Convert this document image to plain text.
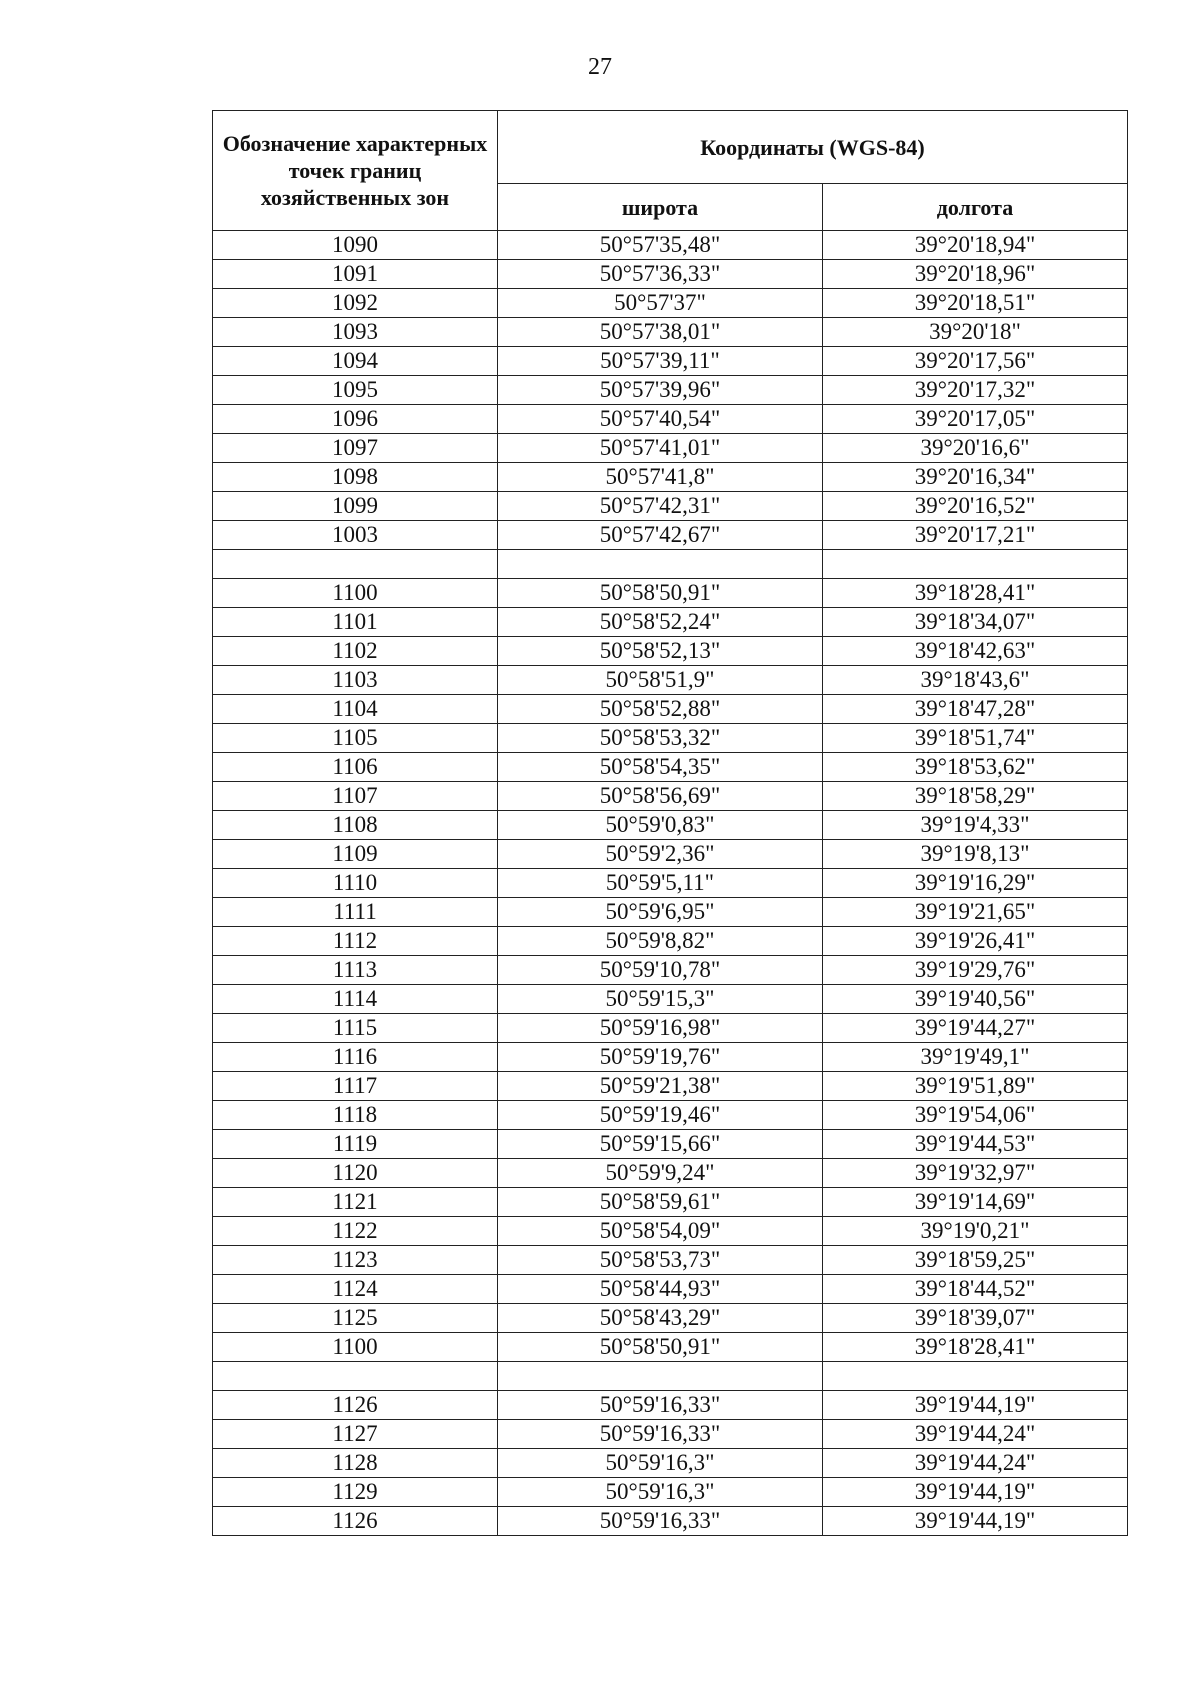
27
Обозначение характерных точек границ хозяйственных зон	Координаты (WGS-84)	
	широта	долгота
1090	50°57'35,48"	39°20'18,94"
1091	50°57'36,33"	39°20'18,96"
1092	50°57'37"	39°20'18,51"
1093	50°57'38,01"	39°20'18"
1094	50°57'39,11"	39°20'17,56"
1095	50°57'39,96"	39°20'17,32"
1096	50°57'40,54"	39°20'17,05"
1097	50°57'41,01"	39°20'16,6"
1098	50°57'41,8"	39°20'16,34"
1099	50°57'42,31"	39°20'16,52"
1003	50°57'42,67"	39°20'17,21"

1100	50°58'50,91"	39°18'28,41"
1101	50°58'52,24"	39°18'34,07"
1102	50°58'52,13"	39°18'42,63"
1103	50°58'51,9"	39°18'43,6"
1104	50°58'52,88"	39°18'47,28"
1105	50°58'53,32"	39°18'51,74"
1106	50°58'54,35"	39°18'53,62"
1107	50°58'56,69"	39°18'58,29"
1108	50°59'0,83"	39°19'4,33"
1109	50°59'2,36"	39°19'8,13"
1110	50°59'5,11"	39°19'16,29"
1111	50°59'6,95"	39°19'21,65"
1112	50°59'8,82"	39°19'26,41"
1113	50°59'10,78"	39°19'29,76"
1114	50°59'15,3"	39°19'40,56"
1115	50°59'16,98"	39°19'44,27"
1116	50°59'19,76"	39°19'49,1"
1117	50°59'21,38"	39°19'51,89"
1118	50°59'19,46"	39°19'54,06"
1119	50°59'15,66"	39°19'44,53"
1120	50°59'9,24"	39°19'32,97"
1121	50°58'59,61"	39°19'14,69"
1122	50°58'54,09"	39°19'0,21"
1123	50°58'53,73"	39°18'59,25"
1124	50°58'44,93"	39°18'44,52"
1125	50°58'43,29"	39°18'39,07"
1100	50°58'50,91"	39°18'28,41"

1126	50°59'16,33"	39°19'44,19"
1127	50°59'16,33"	39°19'44,24"
1128	50°59'16,3"	39°19'44,24"
1129	50°59'16,3"	39°19'44,19"
1126	50°59'16,33"	39°19'44,19"
